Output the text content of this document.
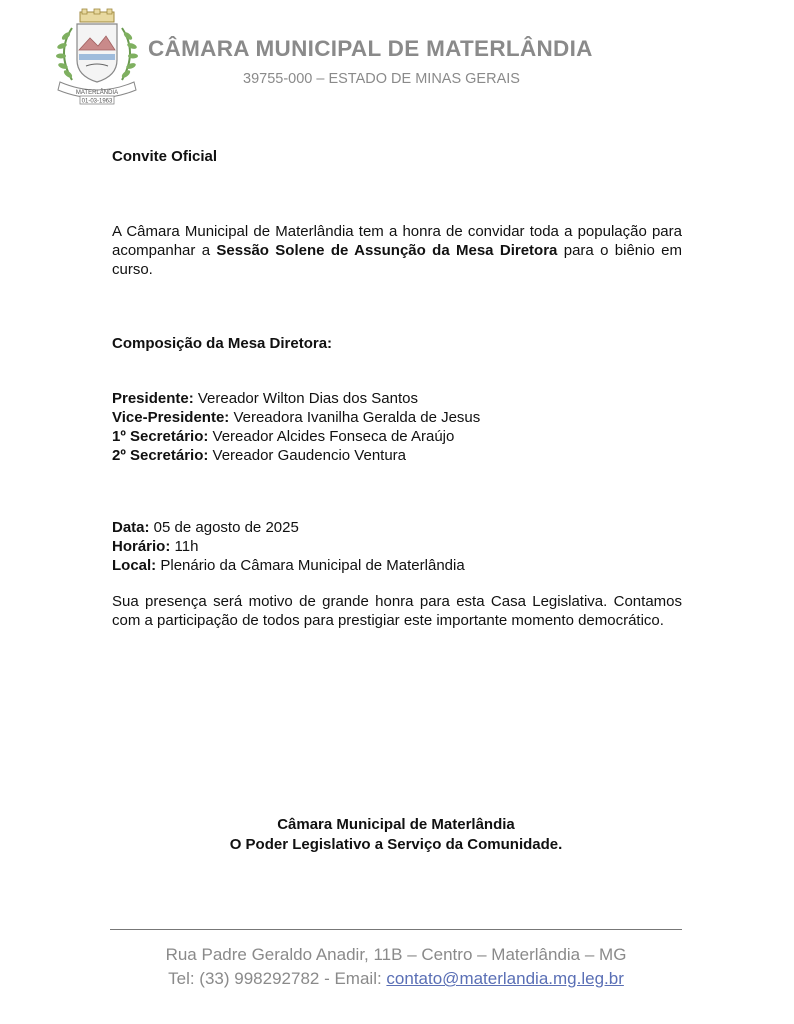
MATERLÂNDIA
01-03-1963
CÂMARA MUNICIPAL DE MATERLÂNDIA
39755-000 – ESTADO DE MINAS GERAIS
Convite Oficial
A Câmara Municipal de Materlândia tem a honra de convidar toda a população para acompanhar a Sessão Solene de Assunção da Mesa Diretora para o biênio em curso.
Composição da Mesa Diretora:

Presidente: Vereador Wilton Dias dos Santos

Vice-Presidente: Vereadora Ivanilha Geralda de Jesus

1º Secretário: Vereador Alcides Fonseca de Araújo

2º Secretário: Vereador Gaudencio Ventura

Data: 05 de agosto de 2025

Horário: 11h

Local: Plenário da Câmara Municipal de Materlândia

Sua presença será motivo de grande honra para esta Casa Legislativa. Contamos com a participação de todos para prestigiar este importante momento democrático.
Câmara Municipal de Materlândia
O Poder Legislativo a Serviço da Comunidade.
Rua Padre Geraldo Anadir, 11B – Centro – Materlândia – MG
Tel: (33) 998292782 - Email: contato@materlandia.mg.leg.br
